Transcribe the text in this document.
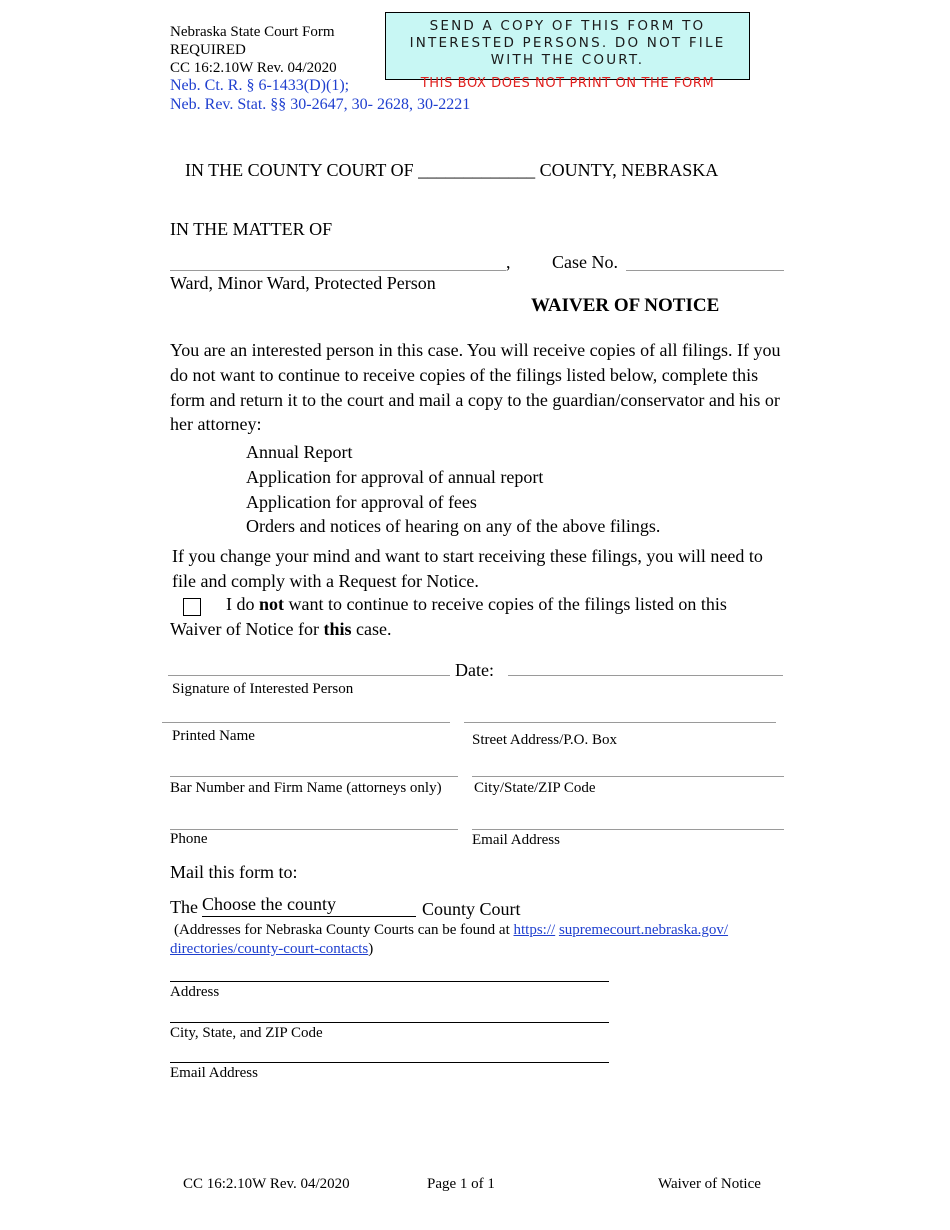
Nebraska State Court Form
REQUIRED
CC 16:2.10W Rev. 04/2020
Neb. Ct. R. § 6-1433(D)(1);
Neb. Rev. Stat. §§ 30-2647, 30- 2628, 30-2221
SEND A COPY OF THIS FORM TO INTERESTED PERSONS. DO NOT FILE WITH THE COURT.
THIS BOX DOES NOT PRINT ON THE FORM
IN THE COUNTY COURT OF _____________ COUNTY, NEBRASKA
IN THE MATTER OF
, Case No.
Ward, Minor Ward, Protected Person
WAIVER OF NOTICE
You are an interested person in this case. You will receive copies of all filings. If you do not want to continue to receive copies of the filings listed below, complete this form and return it to the court and mail a copy to the guardian/conservator and his or her attorney:
Annual Report
Application for approval of annual report
Application for approval of fees
Orders and notices of hearing on any of the above filings.
If you change your mind and want to start receiving these filings, you will need to file and comply with a Request for Notice.
I do not want to continue to receive copies of the filings listed on this
Waiver of Notice for this case.
Date:
Signature of Interested Person
Printed Name	Street Address/P.O. Box
Bar Number and Firm Name (attorneys only) City/State/ZIP Code
Phone	Email Address
Mail this form to:
The Choose the county	County Court
(Addresses for Nebraska County Courts can be found at https:// supremecourt.nebraska.gov/
directories/county-court-contacts)
Address
City, State, and ZIP Code
Email Address
CC 16:2.10W Rev. 04/2020	Page 1 of 1	Waiver of Notice
